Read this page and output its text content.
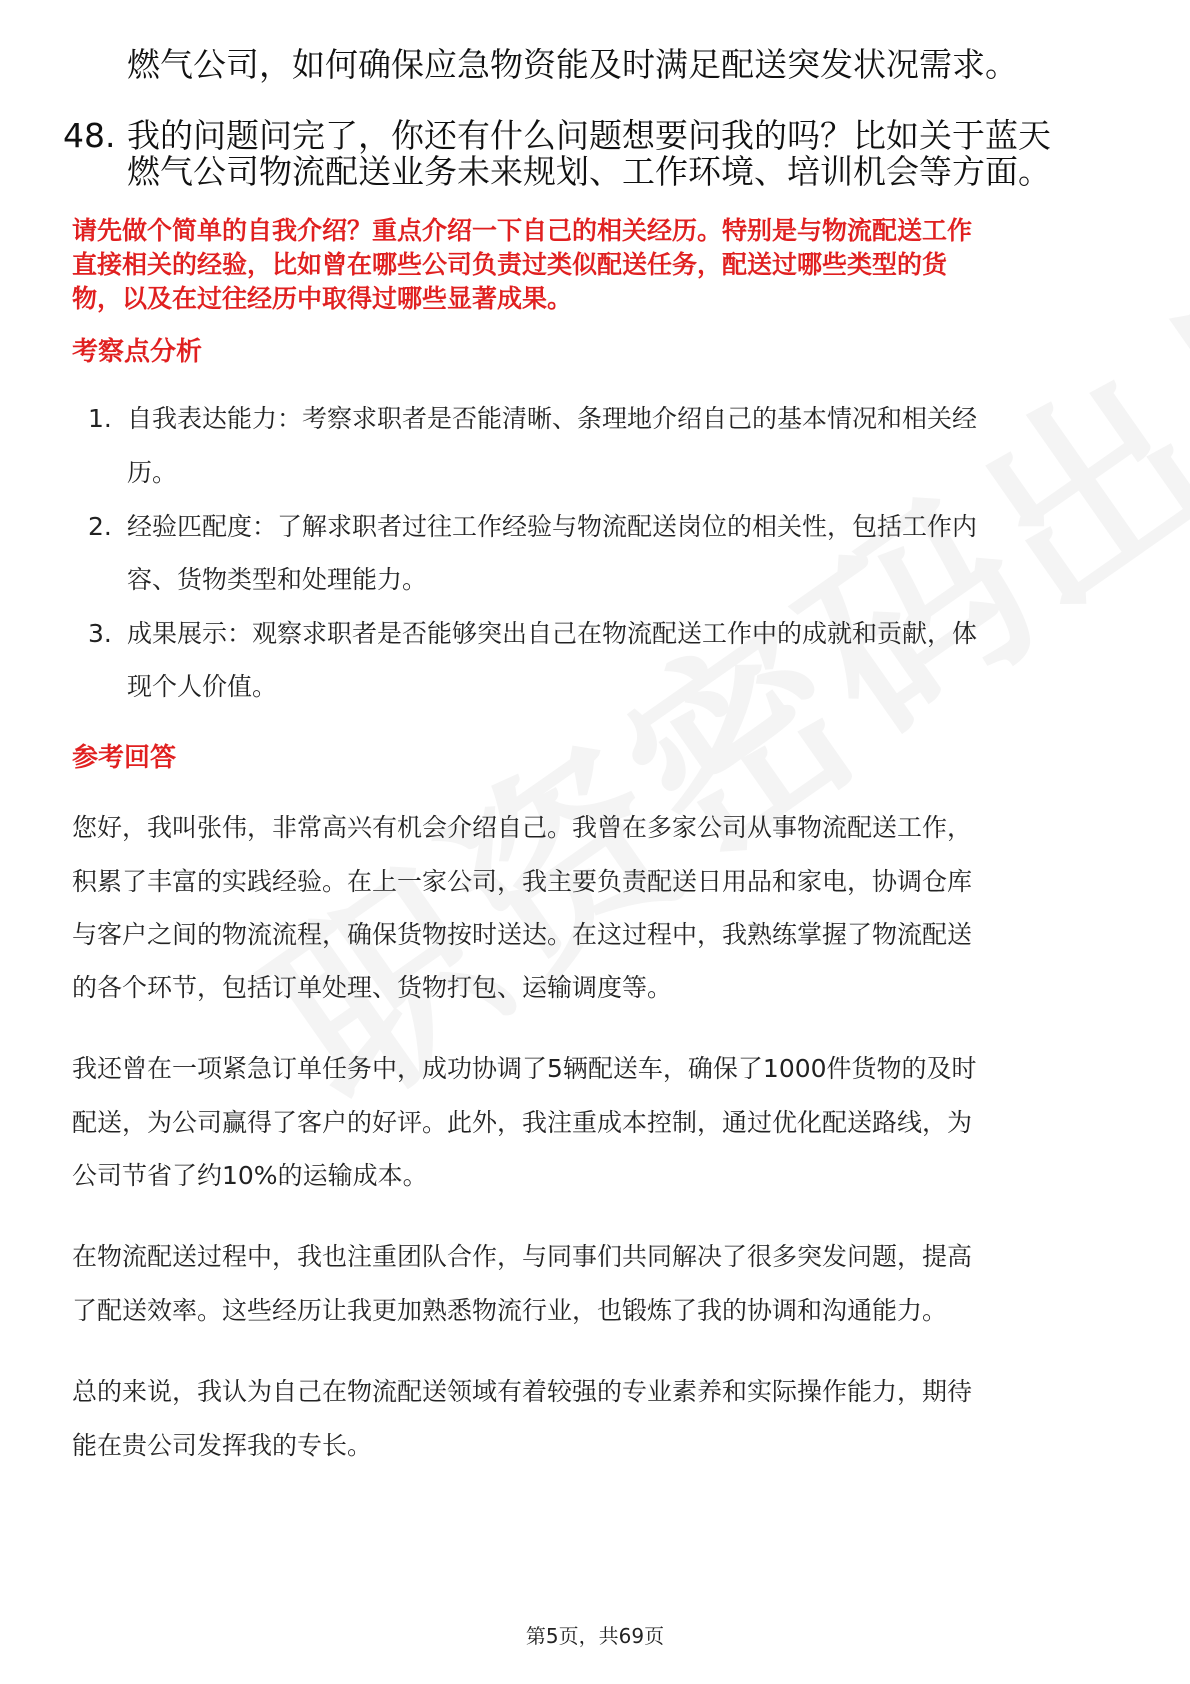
燃气公司，如何确保应急物资能及时满足配送突发状况需求。
48. 我的问题问完了，你还有什么问题想要问我的吗？比如关于蓝天
燃气公司物流配送业务未来规划、工作环境、培训机会等方面。
请先做个简单的自我介绍？重点介绍一下自己的相关经历。特别是与物流配送工作
直接相关的经验，比如曾在哪些公司负责过类似配送任务，配送过哪些类型的货
物，以及在过往经历中取得过哪些显著成果。
考察点分析
1. 自我表达能力：考察求职者是否能清晰、条理地介绍自己的基本情况和相关经
历。
2. 经验匹配度：了解求职者过往工作经验与物流配送岗位的相关性，包括工作内
容、货物类型和处理能力。
3. 成果展示：观察求职者是否能够突出自己在物流配送工作中的成就和贡献，体
现个人价值。
参考回答
您好，我叫张伟，非常高兴有机会介绍自己。我曾在多家公司从事物流配送工作，
积累了丰富的实践经验。在上一家公司，我主要负责配送日用品和家电，协调仓库
与客户之间的物流流程，确保货物按时送达。在这过程中，我熟练掌握了物流配送
的各个环节，包括订单处理、货物打包、运输调度等。
我还曾在一项紧急订单任务中，成功协调了5辆配送车，确保了1000件货物的及时
配送，为公司赢得了客户的好评。此外，我注重成本控制，通过优化配送路线，为
公司节省了约10%的运输成本。
在物流配送过程中，我也注重团队合作，与同事们共同解决了很多突发问题，提高
了配送效率。这些经历让我更加熟悉物流行业，也锻炼了我的协调和沟通能力。
总的来说，我认为自己在物流配送领域有着较强的专业素养和实际操作能力，期待
能在贵公司发挥我的专长。
第5页，共69页
